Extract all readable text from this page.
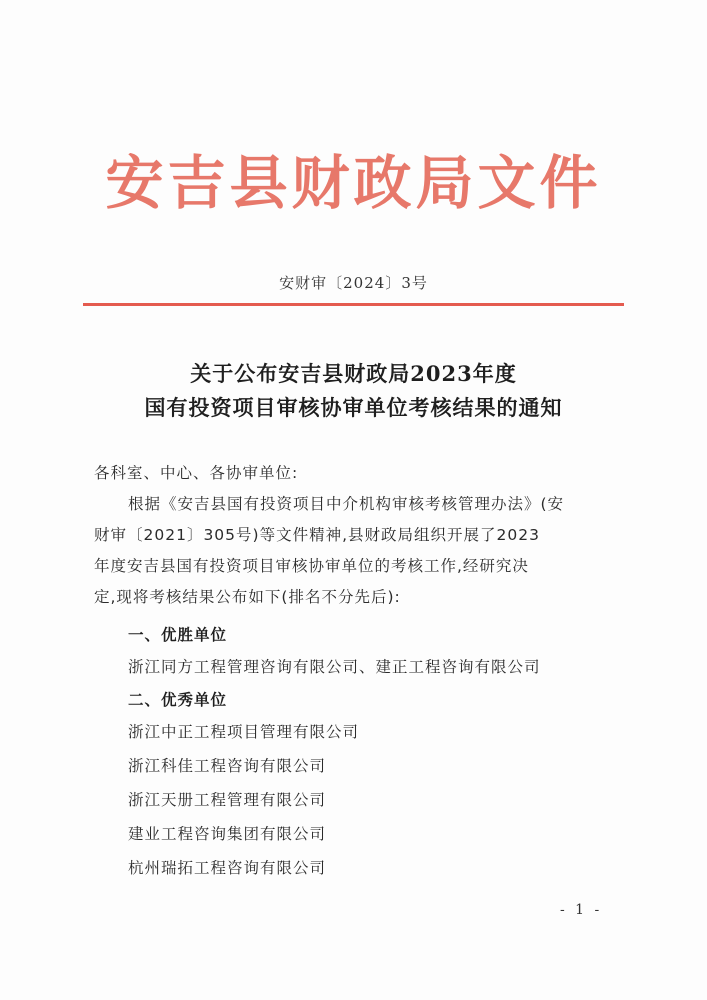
安吉县财政局文件
安财审〔2024〕3号
关于公布安吉县财政局2023年度
国有投资项目审核协审单位考核结果的通知
各科室、中心、各协审单位:
根据《安吉县国有投资项目中介机构审核考核管理办法》(安
财审〔2021〕305号)等文件精神,县财政局组织开展了2023
年度安吉县国有投资项目审核协审单位的考核工作,经研究决
定,现将考核结果公布如下(排名不分先后):
一、优胜单位
浙江同方工程管理咨询有限公司、建正工程咨询有限公司
二、优秀单位
浙江中正工程项目管理有限公司
浙江科佳工程咨询有限公司
浙江天册工程管理有限公司
建业工程咨询集团有限公司
杭州瑞拓工程咨询有限公司
- 1 -
